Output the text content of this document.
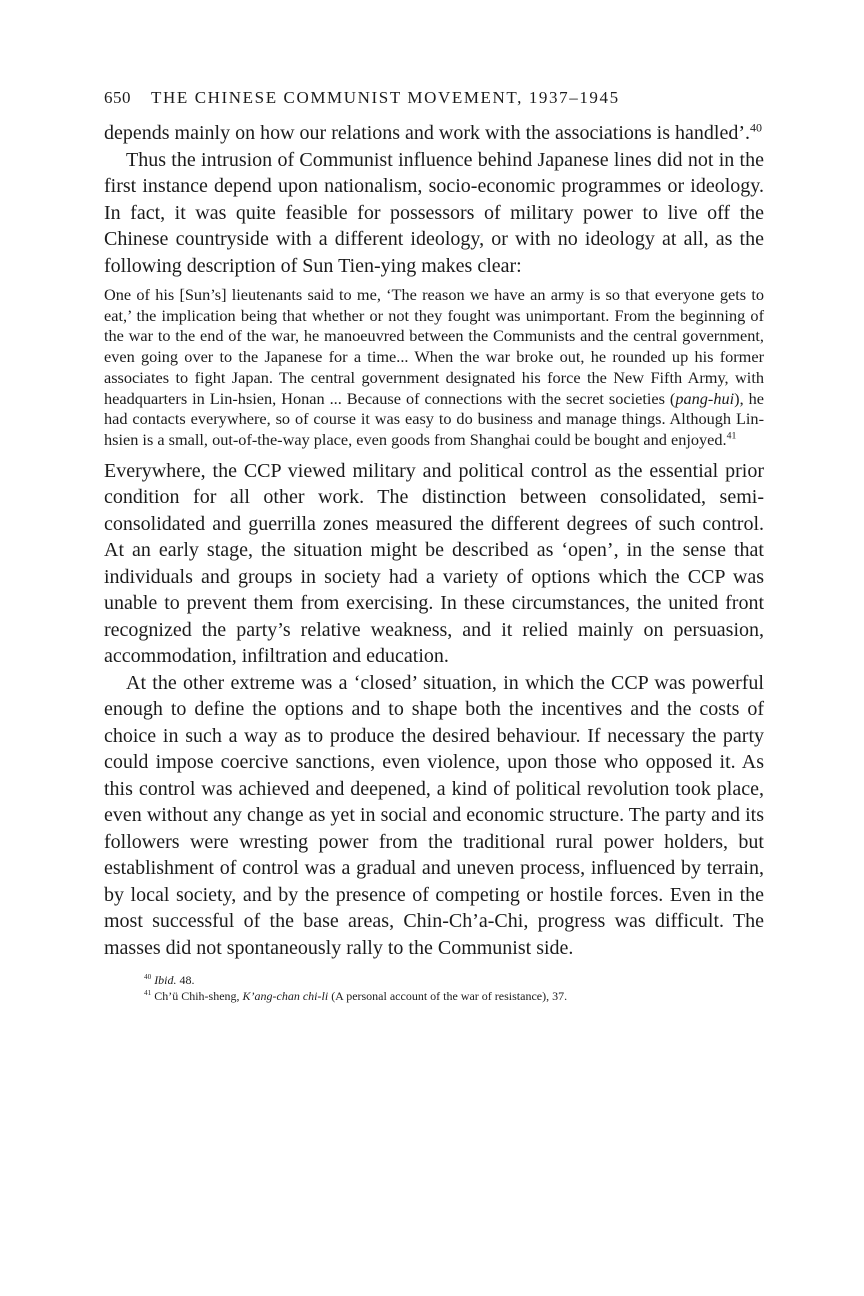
650 THE CHINESE COMMUNIST MOVEMENT, 1937–1945

depends mainly on how our relations and work with the associations is handled’.$^{40}$

Thus the intrusion of Communist influence behind Japanese lines did not in the first instance depend upon nationalism, socio-economic programmes or ideology. In fact, it was quite feasible for possessors of military power to live off the Chinese countryside with a different ideology, or with no ideology at all, as the following description of Sun Tien-ying makes clear:

One of his [Sun’s] lieutenants said to me, ‘The reason we have an army is so that everyone gets to eat,’ the implication being that whether or not they fought was unimportant. From the beginning of the war to the end of the war, he manoeuvred between the Communists and the central government, even going over to the Japanese for a time... When the war broke out, he rounded up his former associates to fight Japan. The central government designated his force the New Fifth Army, with headquarters in Lin-hsien, Honan ... Because of connections with the secret societies (pang-hui), he had contacts everywhere, so of course it was easy to do business and manage things. Although Lin-hsien is a small, out-of-the-way place, even goods from Shanghai could be bought and enjoyed.$^{41}$

Everywhere, the CCP viewed military and political control as the essential prior condition for all other work. The distinction between consolidated, semi-consolidated and guerrilla zones measured the different degrees of such control. At an early stage, the situation might be described as ‘open’, in the sense that individuals and groups in society had a variety of options which the CCP was unable to prevent them from exercising. In these circumstances, the united front recognized the party’s relative weakness, and it relied mainly on persuasion, accommodation, infiltration and education.

At the other extreme was a ‘closed’ situation, in which the CCP was powerful enough to define the options and to shape both the incentives and the costs of choice in such a way as to produce the desired behaviour. If necessary the party could impose coercive sanctions, even violence, upon those who opposed it. As this control was achieved and deepened, a kind of political revolution took place, even without any change as yet in social and economic structure. The party and its followers were wresting power from the traditional rural power holders, but establishment of control was a gradual and uneven process, influenced by terrain, by local society, and by the presence of competing or hostile forces. Even in the most successful of the base areas, Chin-Ch’a-Chi, progress was difficult. The masses did not spontaneously rally to the Communist side.

$^{40}$ Ibid. 48.

$^{41}$ Ch’ü Chih-sheng, K’ang-chan chi-li (A personal account of the war of resistance), 37.
